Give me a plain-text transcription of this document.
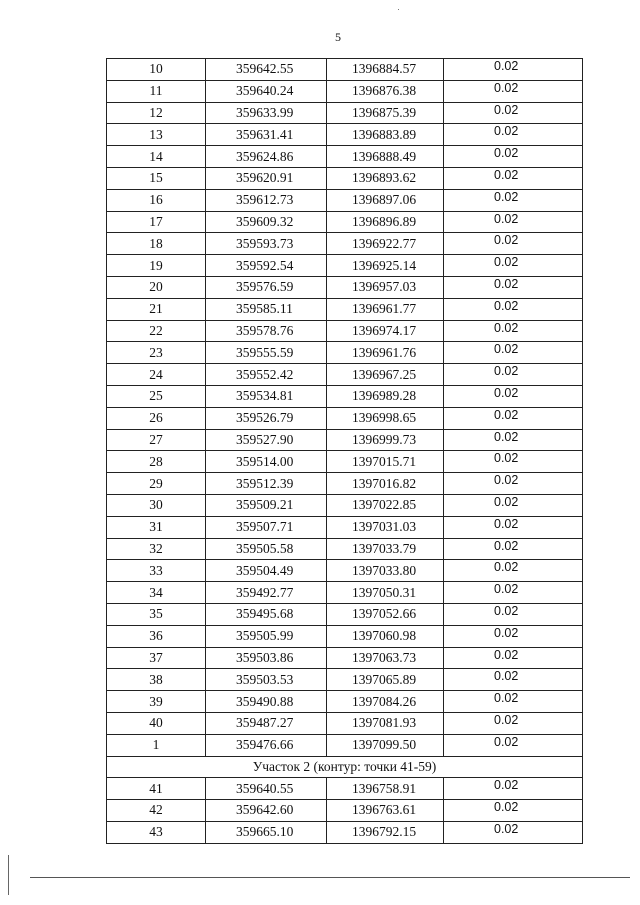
5
10	359642.55	1396884.57	0.02
11	359640.24	1396876.38	0.02
12	359633.99	1396875.39	0.02
13	359631.41	1396883.89	0.02
14	359624.86	1396888.49	0.02
15	359620.91	1396893.62	0.02
16	359612.73	1396897.06	0.02
17	359609.32	1396896.89	0.02
18	359593.73	1396922.77	0.02
19	359592.54	1396925.14	0.02
20	359576.59	1396957.03	0.02
21	359585.11	1396961.77	0.02
22	359578.76	1396974.17	0.02
23	359555.59	1396961.76	0.02
24	359552.42	1396967.25	0.02
25	359534.81	1396989.28	0.02
26	359526.79	1396998.65	0.02
27	359527.90	1396999.73	0.02
28	359514.00	1397015.71	0.02
29	359512.39	1397016.82	0.02
30	359509.21	1397022.85	0.02
31	359507.71	1397031.03	0.02
32	359505.58	1397033.79	0.02
33	359504.49	1397033.80	0.02
34	359492.77	1397050.31	0.02
35	359495.68	1397052.66	0.02
36	359505.99	1397060.98	0.02
37	359503.86	1397063.73	0.02
38	359503.53	1397065.89	0.02
39	359490.88	1397084.26	0.02
40	359487.27	1397081.93	0.02
1	359476.66	1397099.50	0.02
Участок 2 (контур: точки 41-59)			
41	359640.55	1396758.91	0.02
42	359642.60	1396763.61	0.02
43	359665.10	1396792.15	0.02
